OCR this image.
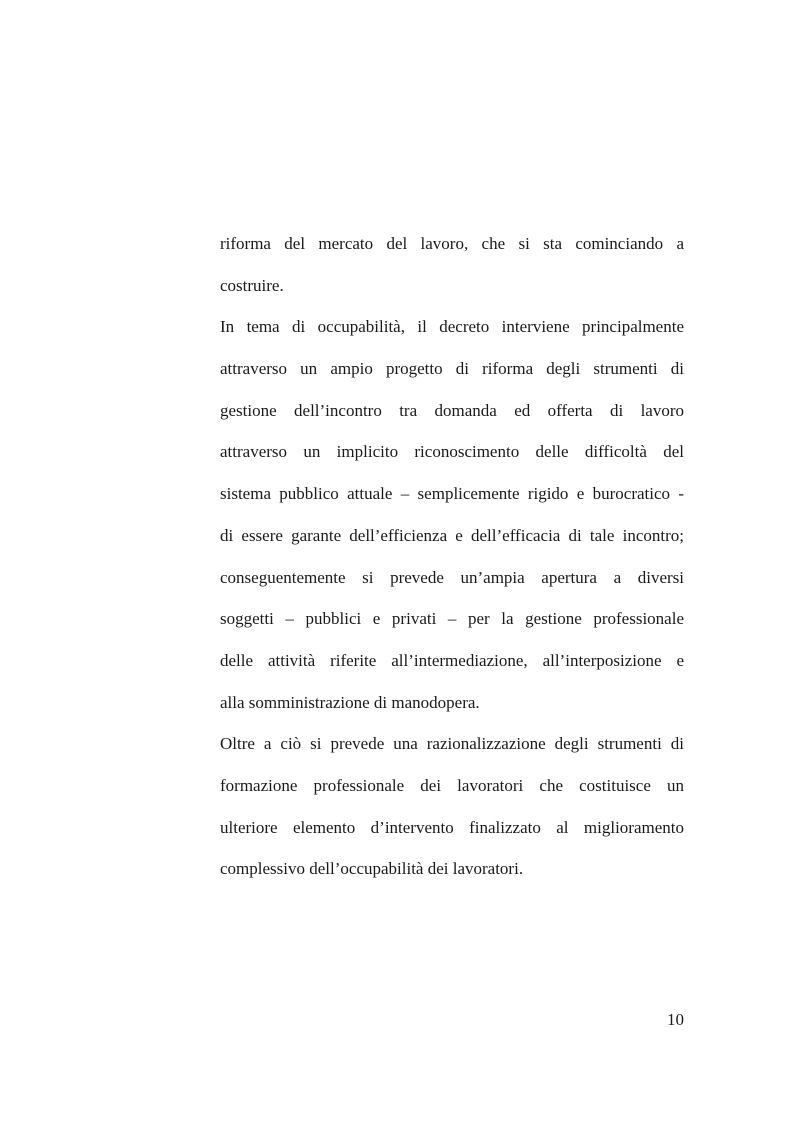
riforma del mercato del lavoro, che si sta cominciando a
costruire.
In tema di occupabilità, il decreto interviene principalmente
attraverso un ampio progetto di riforma degli strumenti di
gestione dell’incontro tra domanda ed offerta di lavoro
attraverso un implicito riconoscimento delle difficoltà del
sistema pubblico attuale – semplicemente rigido e burocratico -
di essere garante dell’efficienza e dell’efficacia di tale incontro;
conseguentemente si prevede un’ampia apertura a diversi
soggetti – pubblici e privati – per la gestione professionale
delle attività riferite all’intermediazione, all’interposizione e
alla somministrazione di manodopera.
Oltre a ciò si prevede una razionalizzazione degli strumenti di
formazione professionale dei lavoratori che costituisce un
ulteriore elemento d’intervento finalizzato al miglioramento
complessivo dell’occupabilità dei lavoratori.
10
